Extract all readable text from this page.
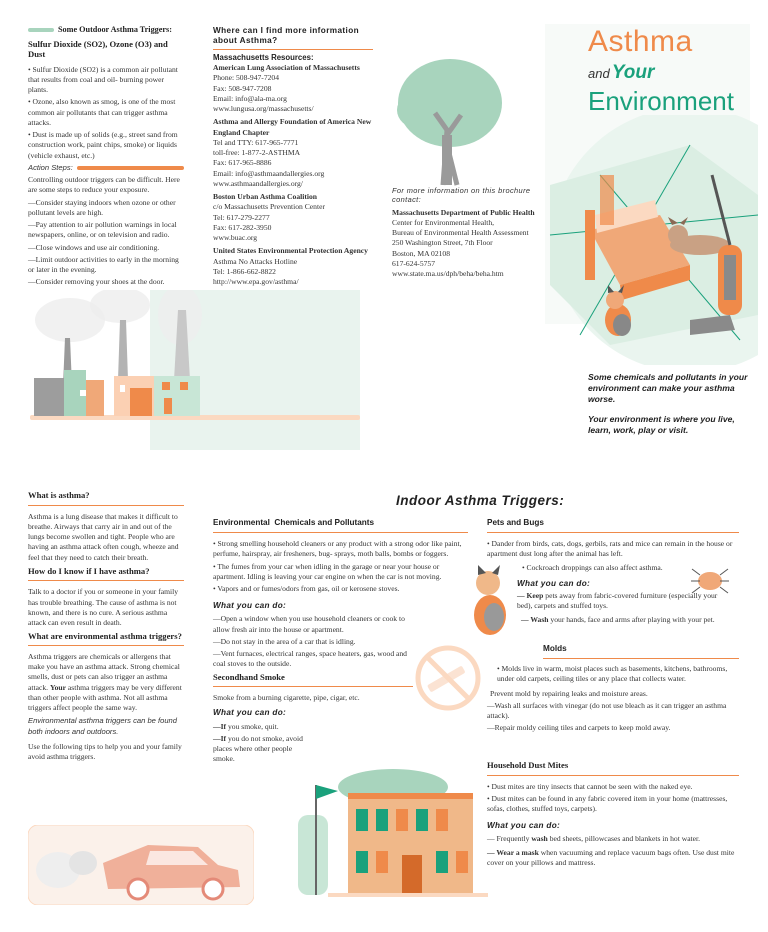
Some Outdoor Asthma Triggers:
Sulfur Dioxide (SO2), Ozone (O3) and Dust

• Sulfur Dioxide (SO2) is a common air pollutant that results from coal and oil- burning power plants.

• Ozone, also known as smog, is one of the most common air pollutants that can trigger asthma attacks.

• Dust is made up of solids (e.g., street sand from construction work, paint chips, smoke) or liquids (vehicle exhaust, etc.)

Action Steps:

Controlling outdoor triggers can be difficult. Here are some steps to reduce your exposure.

—Consider staying indoors when ozone or other pollutant levels are high.

—Pay attention to air pollution warnings in local newspapers, online, or on television and radio.

—Close windows and use air conditioning.

—Limit outdoor activities to early in the morning or later in the evening.

—Consider removing your shoes at the door.

Where can I find more information about Asthma?
Massachusetts Resources:
American Lung Association of Massachusetts
Phone: 508-947-7204
Fax: 508-947-7208
Email: info@ala-ma.org
www.lungusa.org/massachusetts/
Asthma and Allergy Foundation of America New England Chapter
Tel and TTY: 617-965-7771
toll-free: 1-877-2-ASTHMA
Fax: 617-965-8886
Email: info@asthmaandallergies.org
www.asthmaandallergies.org/
Boston Urban Asthma Coalition
c/o Massachusetts Prevention Center
Tel: 617-279-2277
Fax: 617-282-3950
www.buac.org
United States Environmental Protection Agency
Asthma No Attacks Hotline
Tel: 1-866-662-8822
http://www.epa.gov/asthma/
For more information on this brochure contact:
Massachusetts Department of Public Health
Center for Environmental Health,
Bureau of Environmental Health Assessment
250 Washington Street, 7th Floor
Boston, MA 02108
617-624-5757
www.state.ma.us/dph/beha/beha.htm
Asthma
and Your
Environment
Some chemicals and pollutants in your environment can make your asthma worse.
Your environment is where you live, learn, work, play or visit.
What is asthma?

Asthma is a lung disease that makes it difficult to breathe. Airways that carry air in and out of the lungs become swollen and tight. People who are having an asthma attack often cough, wheeze and feel that they need to catch their breath.

How do I know if I have asthma?

Talk to a doctor if you or someone in your family has trouble breathing. The cause of asthma is not known, and there is no cure. A serious asthma attack can even result in death.

What are environmental asthma triggers?

Asthma triggers are chemicals or allergens that make you have an asthma attack. Strong chemical smells, dust or pets can also trigger an asthma attack. Your asthma triggers may be very different than other people with asthma. Not all asthma triggers affect people the same way.

Environmental asthma triggers can be found both indoors and outdoors.

Use the following tips to help you and your family avoid asthma triggers.

Indoor Asthma Triggers:
Environmental  Chemicals and Pollutants

• Strong smelling household cleaners or any product with a strong odor like paint, perfume, hairspray, air fresheners, bug- sprays, moth balls, bombs or foggers.

• The fumes from your car when idling in the garage or near your house or apartment. Idling is leaving your car engine on when the car is not moving.

• Vapors and or fumes/odors from gas, oil or kerosene stoves.

What you can do:

—Open a window when you use household cleaners or cook to allow fresh air into the house or apartment.

—Do not stay in the area of a car that is idling.

—Vent furnaces, electrical ranges, space heaters, gas, wood and coal stoves to the outside.

Secondhand Smoke

Smoke from a burning cigarette, pipe, cigar, etc.

What you can do:

—If you smoke, quit.

—If you do not smoke, avoid places where other people smoke.

Pets and Bugs

• Dander from birds, cats, dogs, gerbils, rats and mice can remain in the house or apartment dust long after the animal has left.

• Cockroach droppings can also affect asthma.

What you can do:

— Keep pets away from fabric-covered furniture (especially your bed), carpets and stuffed toys.

— Wash your hands, face and arms after playing with your pet.

Molds

• Molds live in warm, moist places such as basements, kitchens, bathrooms, under old carpets, ceiling tiles or any place that collects water.

Prevent mold by repairing leaks and moisture areas.

—Wash all surfaces with vinegar (do not use bleach as it can trigger an asthma attack).

—Repair moldy ceiling tiles and carpets to keep mold away.

Household Dust Mites

• Dust mites are tiny insects that cannot be seen with the naked eye.

• Dust mites can be found in any fabric covered item in your home (mattresses, sofas, clothes, stuffed toys, carpets).

What you can do:

— Frequently wash bed sheets, pillowcases and blankets in hot water.

— Wear a mask when vacuuming and replace vacuum bags often. Use dust mite cover on your pillows and mattress.
